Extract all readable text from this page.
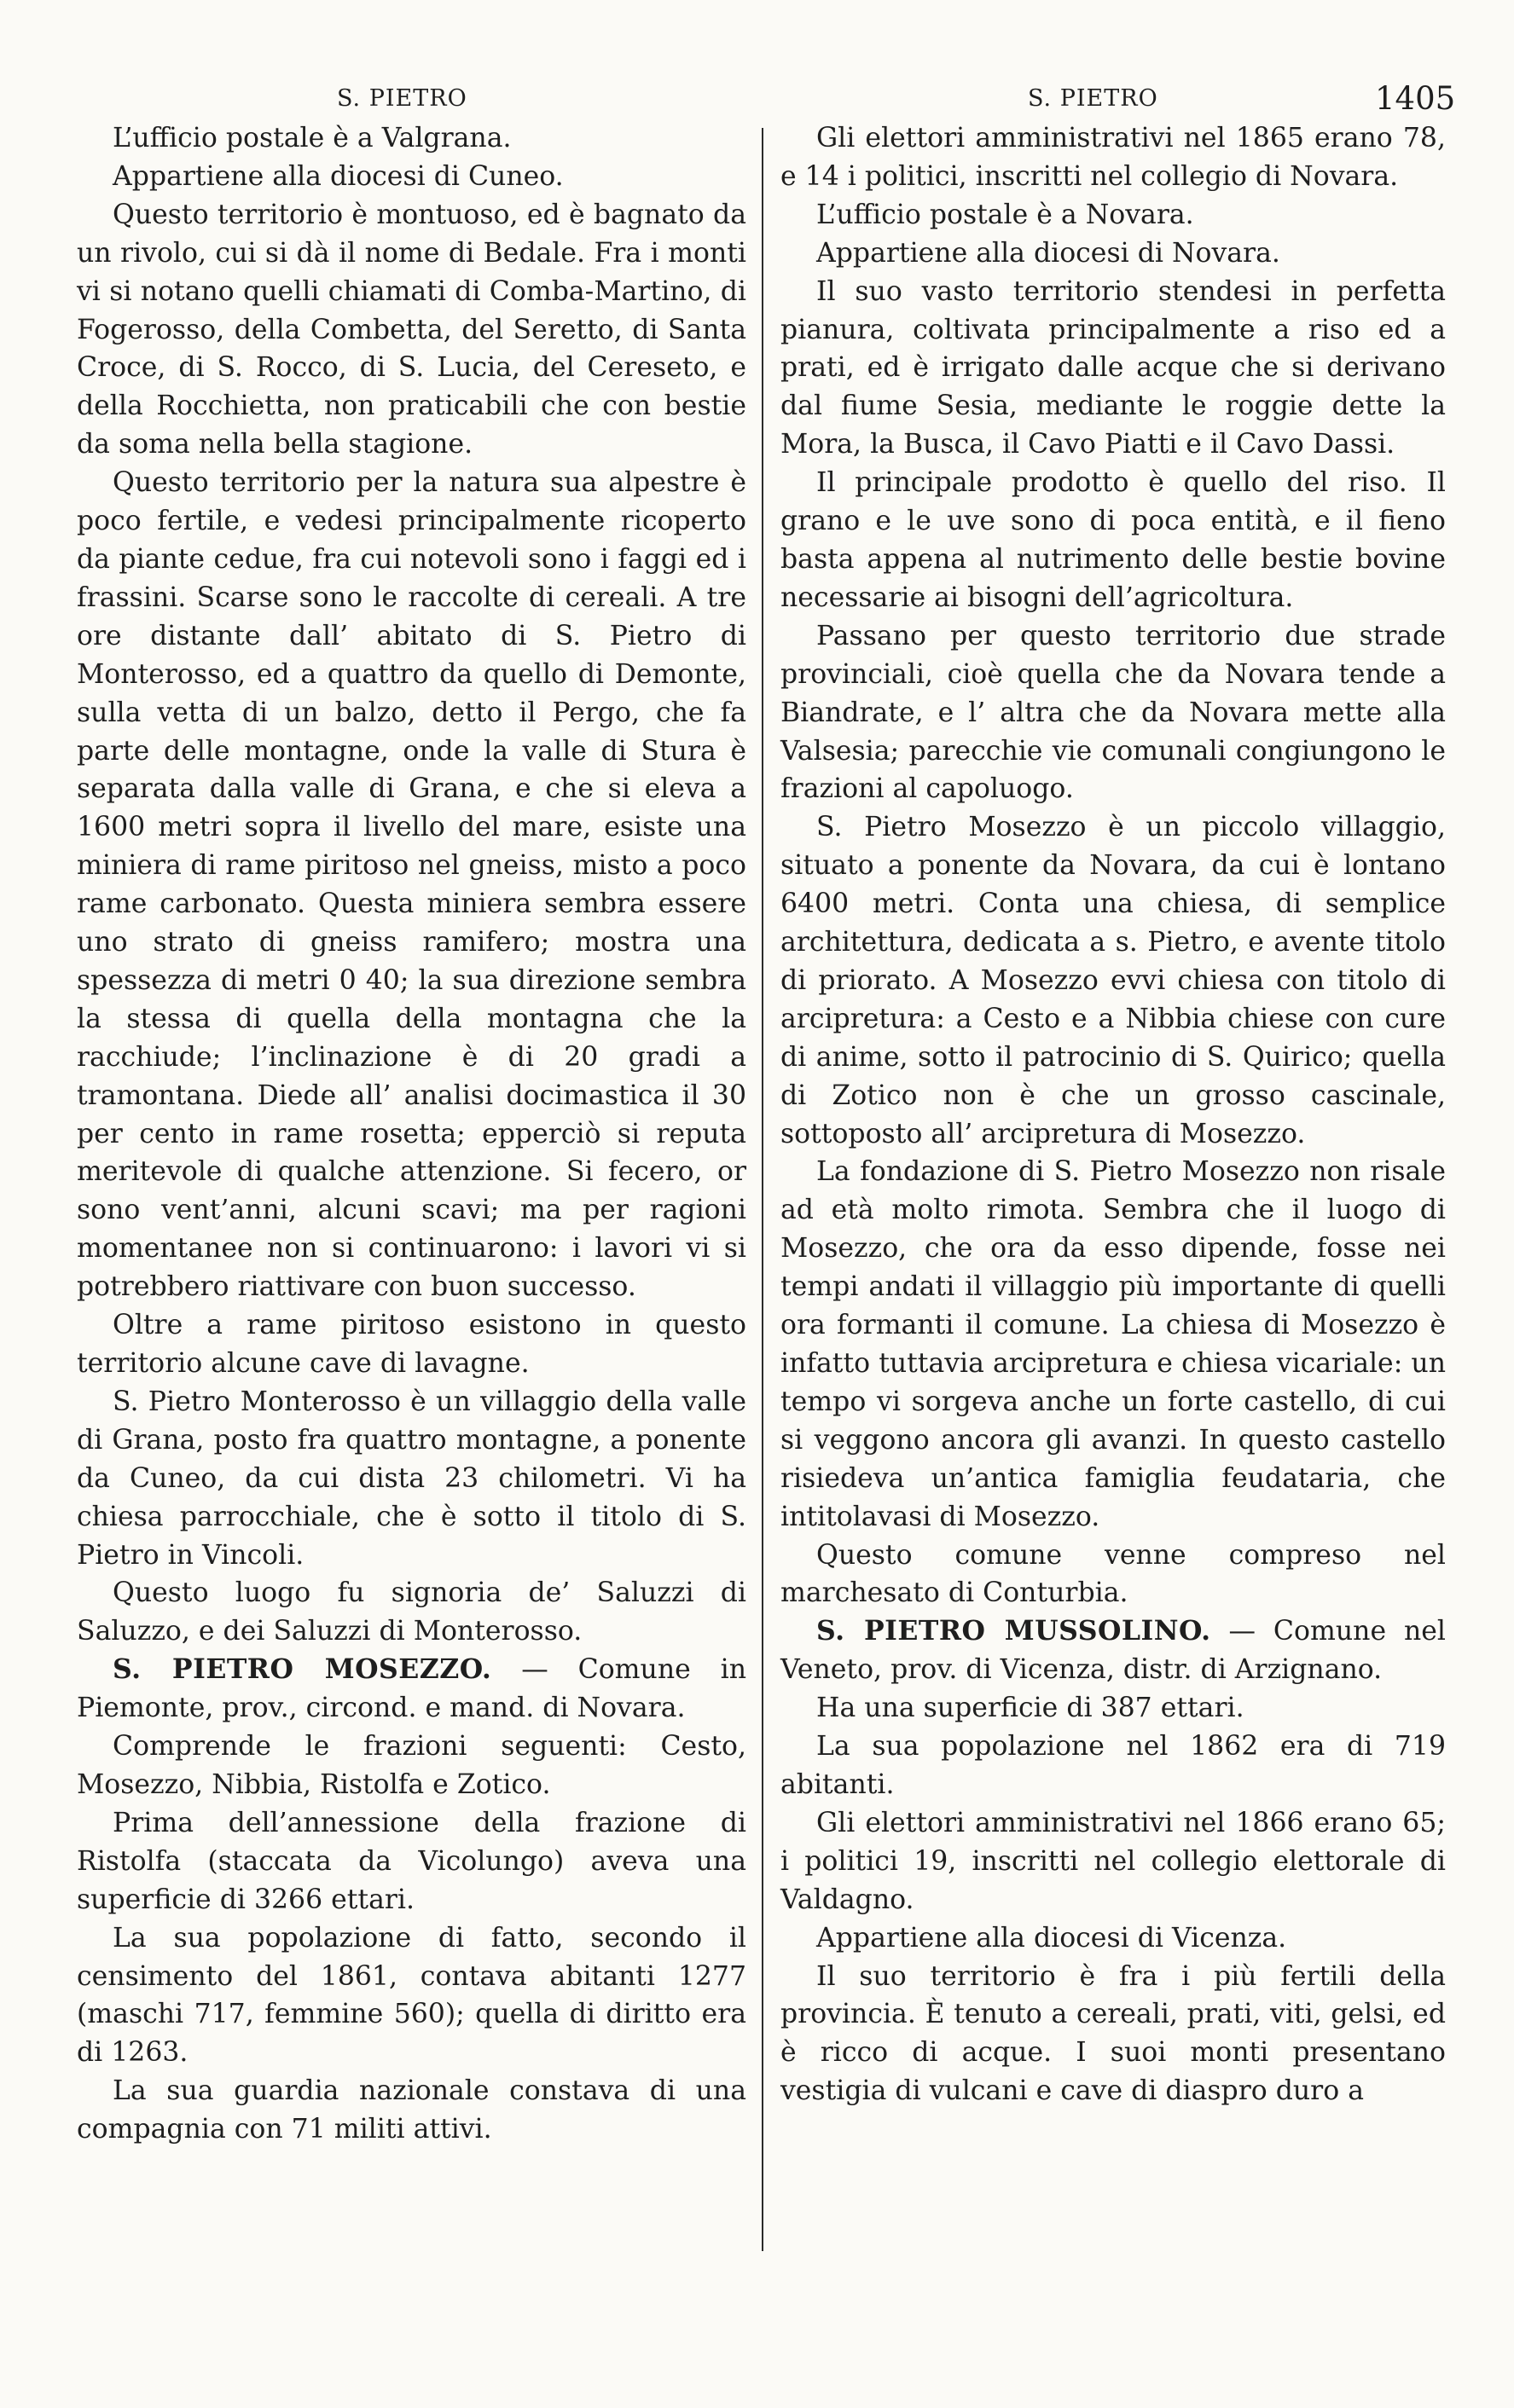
S. PIETRO	S. PIETRO	1405

L’ufficio postale è a Valgrana.

Appartiene alla diocesi di Cuneo.

Questo territorio è montuoso, ed è bagnato da un rivolo, cui si dà il nome di Bedale. Fra i monti vi si notano quelli chiamati di Comba-Martino, di Fogerosso, della Combetta, del Seretto, di Santa Croce, di S. Rocco, di S. Lucia, del Cereseto, e della Rocchietta, non praticabili che con bestie da soma nella bella stagione.

Questo territorio per la natura sua alpestre è poco fertile, e vedesi principalmente ricoperto da piante cedue, fra cui notevoli sono i faggi ed i frassini. Scarse sono le raccolte di cereali. A tre ore distante dall’ abitato di S. Pietro di Monterosso, ed a quattro da quello di Demonte, sulla vetta di un balzo, detto il Pergo, che fa parte delle montagne, onde la valle di Stura è separata dalla valle di Grana, e che si eleva a 1600 metri sopra il livello del mare, esiste una miniera di rame piritoso nel gneiss, misto a poco rame carbonato. Questa miniera sembra essere uno strato di gneiss ramifero; mostra una spessezza di metri 0 40; la sua direzione sembra la stessa di quella della montagna che la racchiude; l’inclinazione è di 20 gradi a tramontana. Diede all’ analisi docimastica il 30 per cento in rame rosetta; epperciò si reputa meritevole di qualche attenzione. Si fecero, or sono vent’anni, alcuni scavi; ma per ragioni momentanee non si continuarono: i lavori vi si potrebbero riattivare con buon successo.

Oltre a rame piritoso esistono in questo territorio alcune cave di lavagne.

S. Pietro Monterosso è un villaggio della valle di Grana, posto fra quattro montagne, a ponente da Cuneo, da cui dista 23 chilometri. Vi ha chiesa parrocchiale, che è sotto il titolo di S. Pietro in Vincoli.

Questo luogo fu signoria de’ Saluzzi di Saluzzo, e dei Saluzzi di Monterosso.

S. PIETRO MOSEZZO. — Comune in Piemonte, prov., circond. e mand. di Novara.

Comprende le frazioni seguenti: Cesto, Mosezzo, Nibbia, Ristolfa e Zotico.

Prima dell’annessione della frazione di Ristolfa (staccata da Vicolungo) aveva una superficie di 3266 ettari.

La sua popolazione di fatto, secondo il censimento del 1861, contava abitanti 1277 (maschi 717, femmine 560); quella di diritto era di 1263.

La sua guardia nazionale constava di una compagnia con 71 militi attivi.

Gli elettori amministrativi nel 1865 erano 78, e 14 i politici, inscritti nel collegio di Novara.

L’ufficio postale è a Novara.

Appartiene alla diocesi di Novara.

Il suo vasto territorio stendesi in perfetta pianura, coltivata principalmente a riso ed a prati, ed è irrigato dalle acque che si derivano dal fiume Sesia, mediante le roggie dette la Mora, la Busca, il Cavo Piatti e il Cavo Dassi.

Il principale prodotto è quello del riso. Il grano e le uve sono di poca entità, e il fieno basta appena al nutrimento delle bestie bovine necessarie ai bisogni dell’agricoltura.

Passano per questo territorio due strade provinciali, cioè quella che da Novara tende a Biandrate, e l’ altra che da Novara mette alla Valsesia; parecchie vie comunali congiungono le frazioni al capoluogo.

S. Pietro Mosezzo è un piccolo villaggio, situato a ponente da Novara, da cui è lontano 6400 metri. Conta una chiesa, di semplice architettura, dedicata a s. Pietro, e avente titolo di priorato. A Mosezzo evvi chiesa con titolo di arcipretura: a Cesto e a Nibbia chiese con cure di anime, sotto il patrocinio di S. Quirico; quella di Zotico non è che un grosso cascinale, sottoposto all’ arcipretura di Mosezzo.

La fondazione di S. Pietro Mosezzo non risale ad età molto rimota. Sembra che il luogo di Mosezzo, che ora da esso dipende, fosse nei tempi andati il villaggio più importante di quelli ora formanti il comune. La chiesa di Mosezzo è infatto tuttavia arcipretura e chiesa vicariale: un tempo vi sorgeva anche un forte castello, di cui si veggono ancora gli avanzi. In questo castello risiedeva un’antica famiglia feudataria, che intitolavasi di Mosezzo.

Questo comune venne compreso nel marchesato di Conturbia.

S. PIETRO MUSSOLINO. — Comune nel Veneto, prov. di Vicenza, distr. di Arzignano.

Ha una superficie di 387 ettari.

La sua popolazione nel 1862 era di 719 abitanti.

Gli elettori amministrativi nel 1866 erano 65; i politici 19, inscritti nel collegio elettorale di Valdagno.

Appartiene alla diocesi di Vicenza.

Il suo territorio è fra i più fertili della provincia. È tenuto a cereali, prati, viti, gelsi, ed è ricco di acque. I suoi monti presentano vestigia di vulcani e cave di diaspro duro a
